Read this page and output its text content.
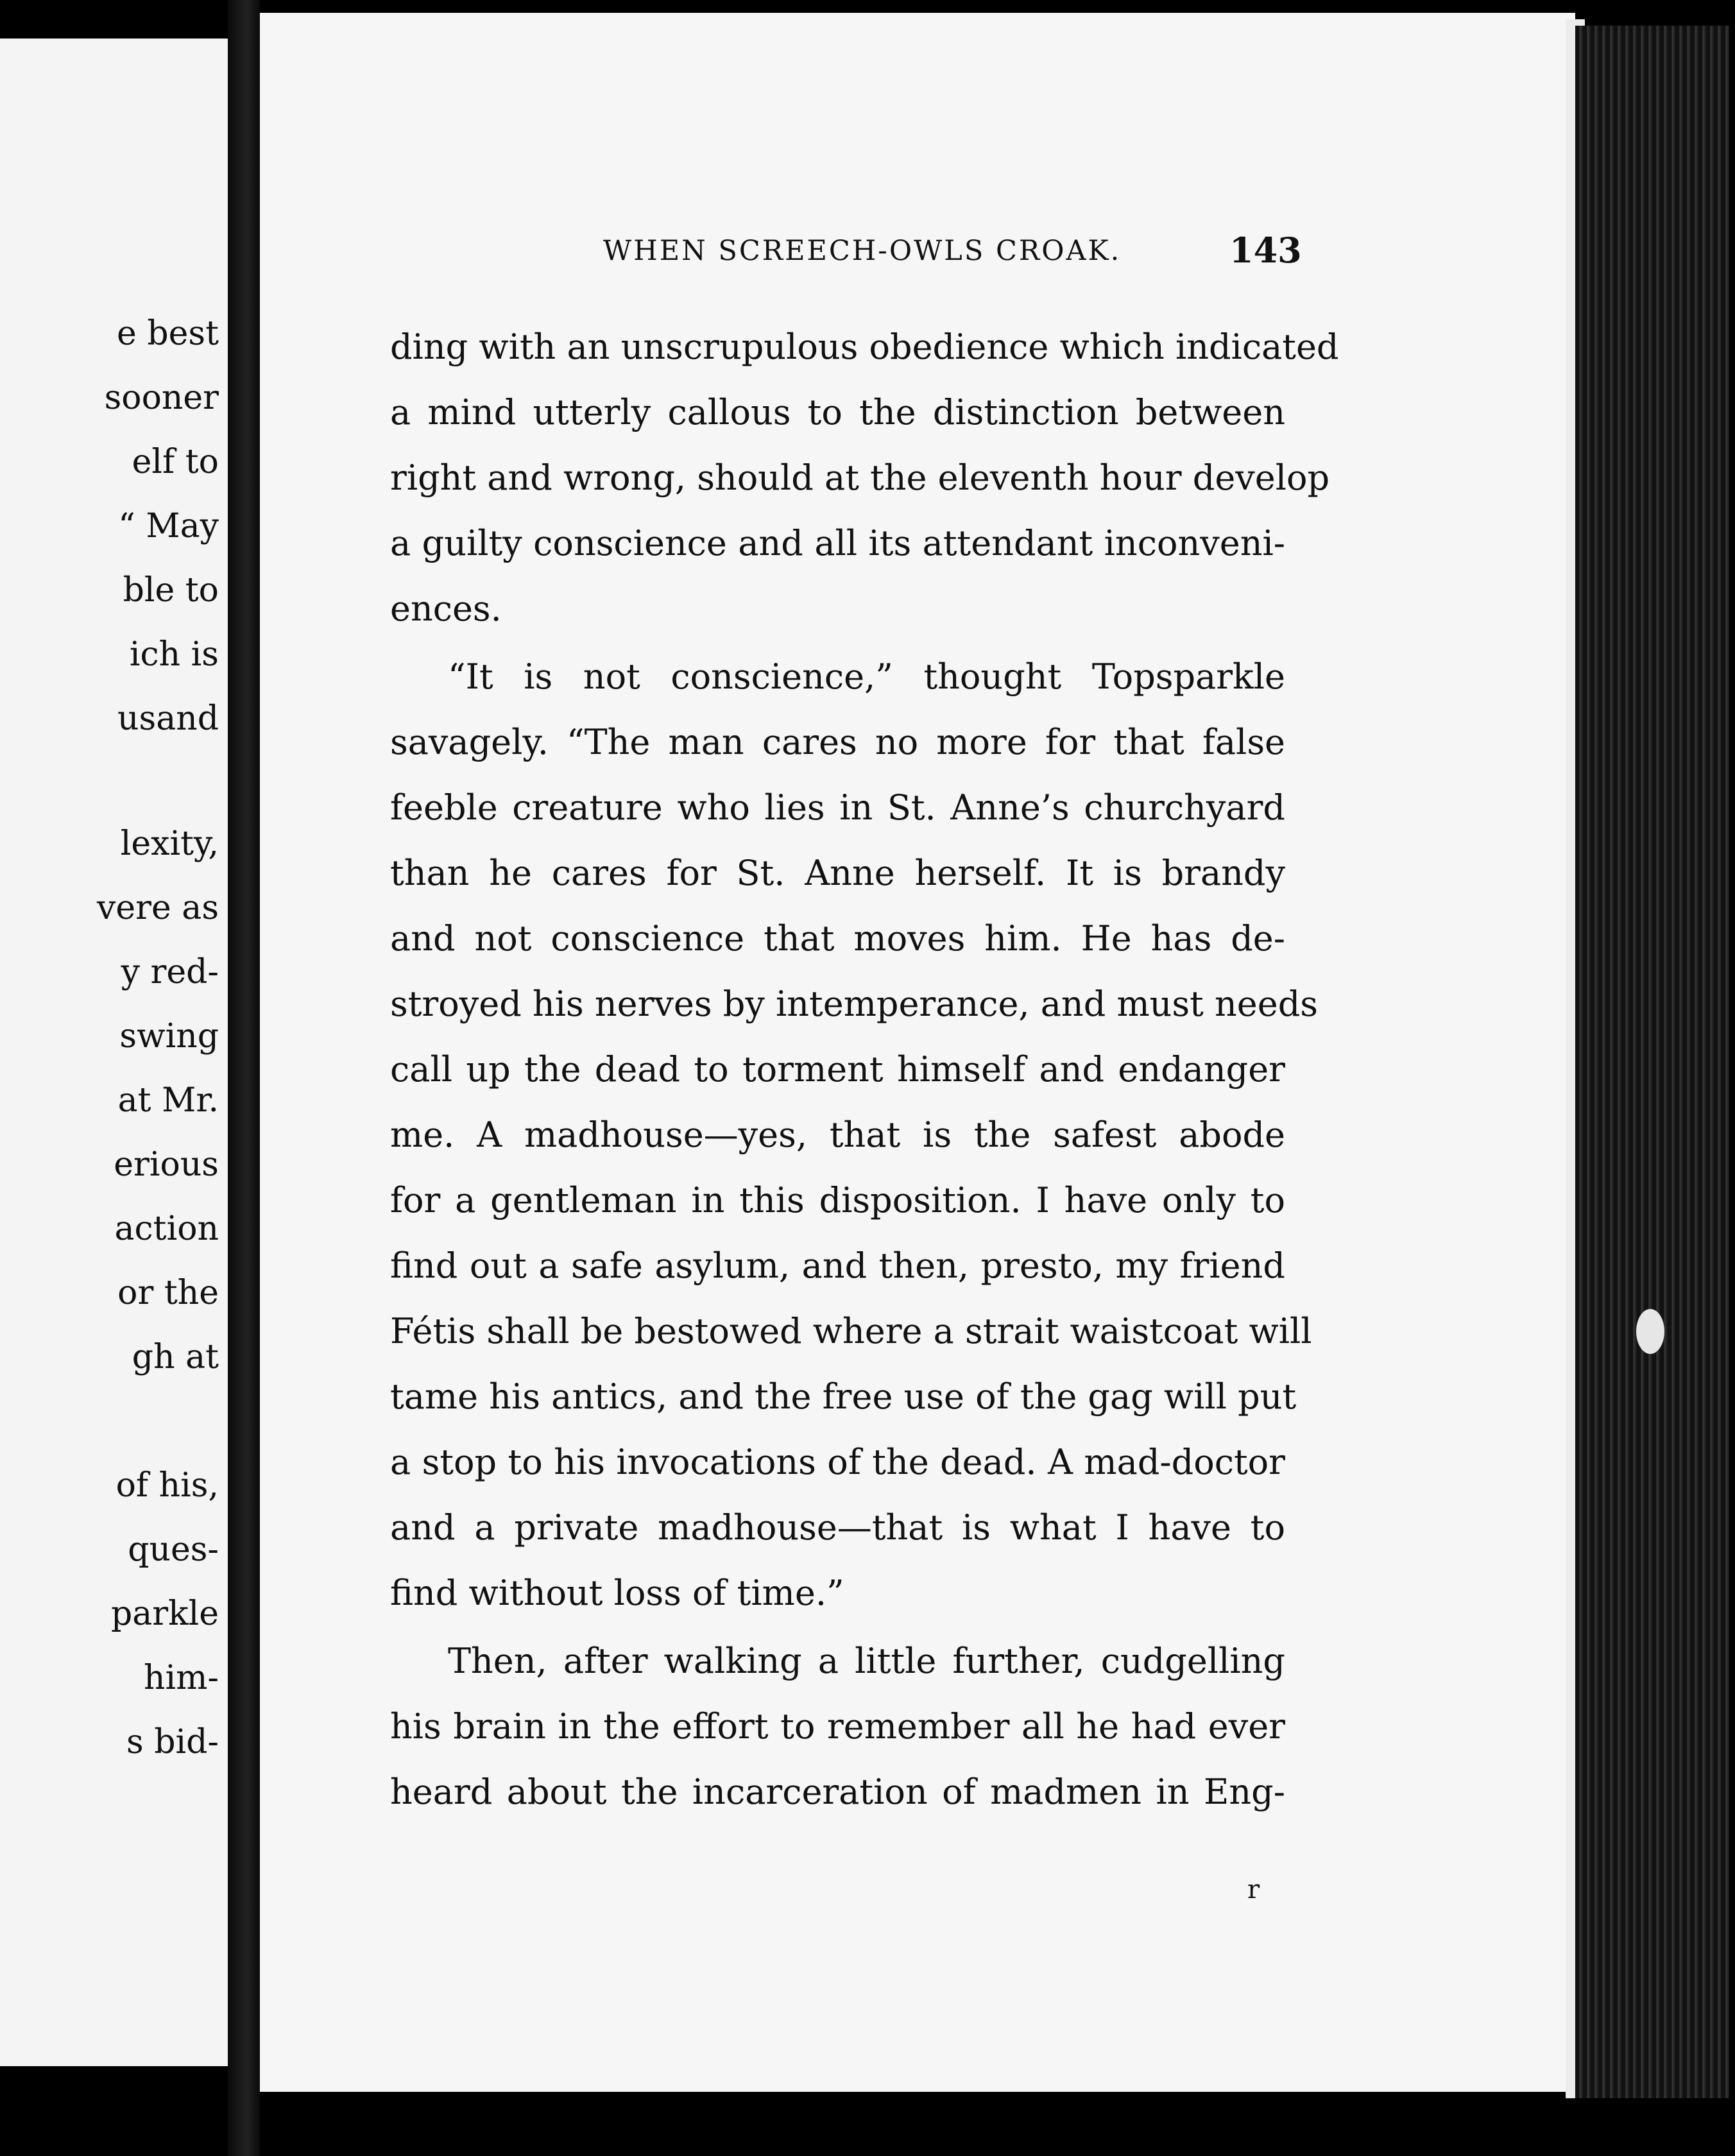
e best
sooner
elf to
“ May
ble to
ich is
usand
lexity,
vere as
y red-
swing
at Mr.
erious
action
or the
gh at
of his,
ques-
parkle
him-
s bid-
WHEN SCREECH-OWLS CROAK.	143
ding with an unscrupulous obedience which indicated
a mind utterly callous to the distinction between
right and wrong, should at the eleventh hour develop
a guilty conscience and all its attendant inconveni-
ences.
“It is not conscience,” thought Topsparkle
savagely. “The man cares no more for that false
feeble creature who lies in St. Anne’s churchyard
than he cares for St. Anne herself. It is brandy
and not conscience that moves him. He has de-
stroyed his nerves by intemperance, and must needs
call up the dead to torment himself and endanger
me. A madhouse—yes, that is the safest abode
for a gentleman in this disposition. I have only to
find out a safe asylum, and then, presto, my friend
Fétis shall be bestowed where a strait waistcoat will
tame his antics, and the free use of the gag will put
a stop to his invocations of the dead. A mad-doctor
and a private madhouse—that is what I have to
find without loss of time.”
Then, after walking a little further, cudgelling
his brain in the effort to remember all he had ever
heard about the incarceration of madmen in Eng-
r
